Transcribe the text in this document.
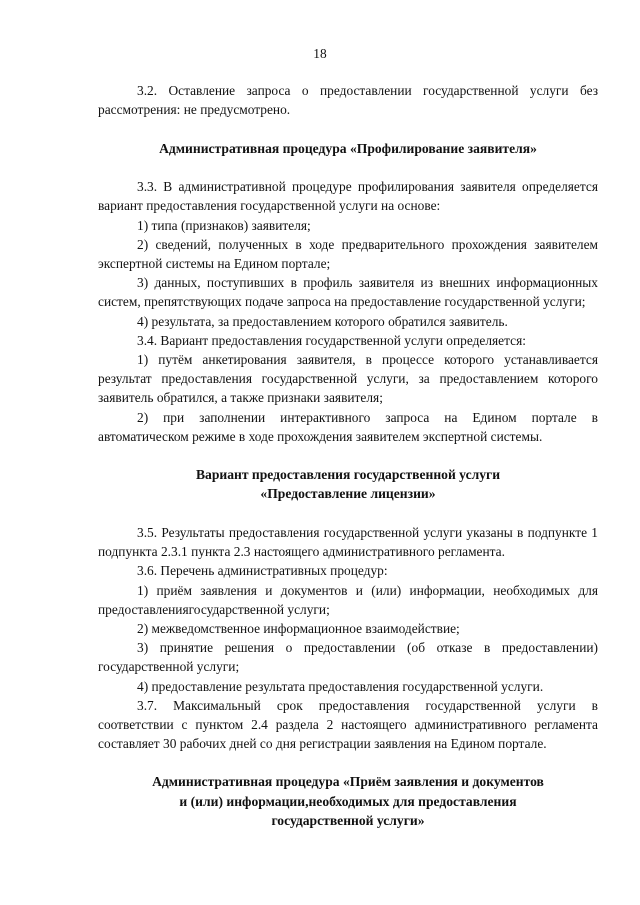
18

3.2. Оставление запроса о предоставлении государственной услуги без рассмотрения: не предусмотрено.

Административная процедура «Профилирование заявителя»

3.3. В административной процедуре профилирования заявителя определяется вариант предоставления государственной услуги на основе:

1) типа (признаков) заявителя;

2) сведений, полученных в ходе предварительного прохождения заявителем экспертной системы на Едином портале;

3) данных, поступивших в профиль заявителя из внешних информационных систем, препятствующих подаче запроса на предоставление государственной услуги;

4) результата, за предоставлением которого обратился заявитель.

3.4. Вариант предоставления государственной услуги определяется:

1) путём анкетирования заявителя, в процессе которого устанавливается результат предоставления государственной услуги, за предоставлением которого заявитель обратился, а также признаки заявителя;

2) при заполнении интерактивного запроса на Едином портале в автоматическом режиме в ходе прохождения заявителем экспертной системы.

Вариант предоставления государственной услуги
«Предоставление лицензии»

3.5. Результаты предоставления государственной услуги указаны в подпункте 1 подпункта 2.3.1 пункта 2.3 настоящего административного регламента.

3.6. Перечень административных процедур:

1) приём заявления и документов и (или) информации, необходимых для предоставлениягосударственной услуги;

2) межведомственное информационное взаимодействие;

3) принятие решения о предоставлении (об отказе в предоставлении) государственной услуги;

4) предоставление результата предоставления государственной услуги.

3.7. Максимальный срок предоставления государственной услуги в соответствии с пунктом 2.4 раздела 2 настоящего административного регламента составляет 30 рабочих дней со дня регистрации заявления на Едином портале.

Административная процедура «Приём заявления и документов
и (или) информации,необходимых для предоставления
государственной услуги»
